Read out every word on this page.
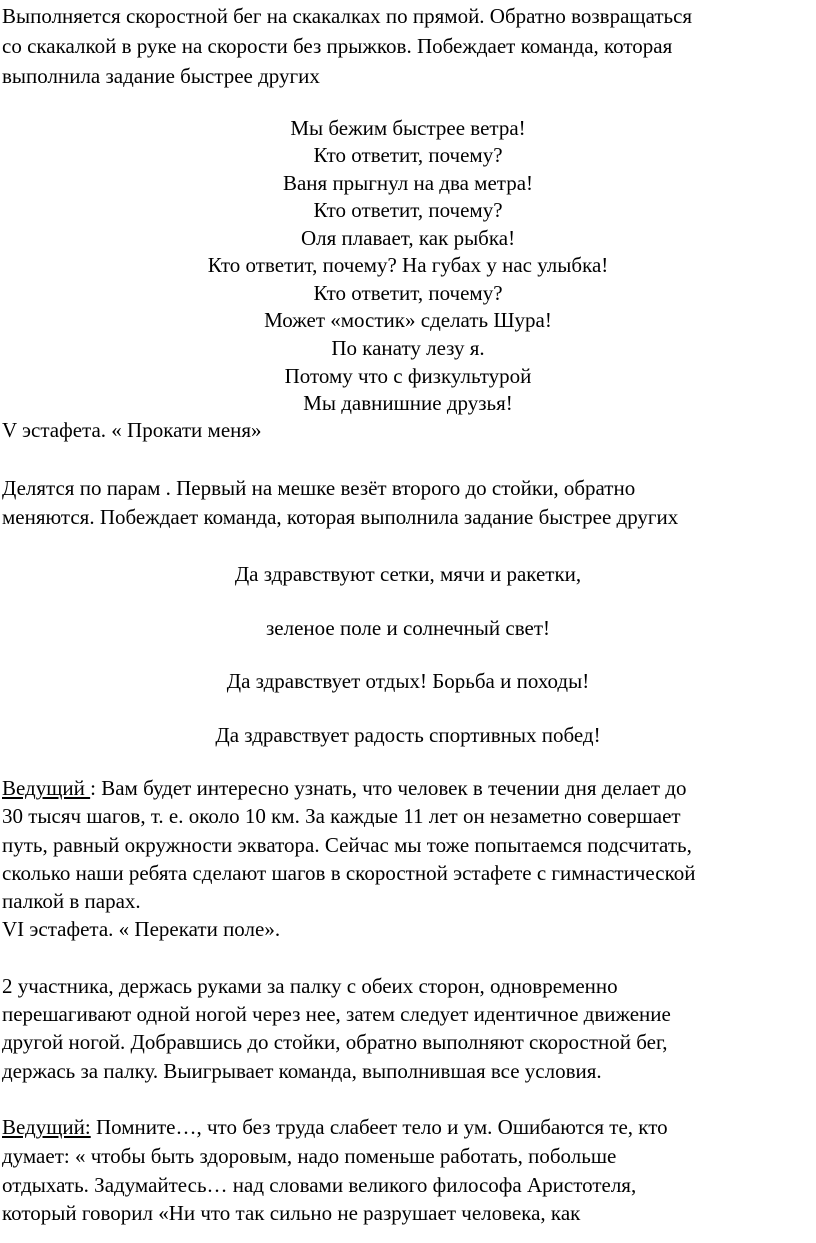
Выполняется скоростной бег на скакалках по прямой. Обратно возвращаться
со скакалкой в руке на скорости без прыжков. Побеждает команда, которая
выполнила задание быстрее других
Мы бежим быстрее ветра!
Кто ответит, почему?
Ваня прыгнул на два метра!
Кто ответит, почему?
Оля плавает, как рыбка!
Кто ответит, почему? На губах у нас улыбка!
Кто ответит, почему?
Может «мостик» сделать Шура!
По канату лезу я.
Потому что с физкультурой
Мы давнишние друзья!
V эстафета. « Прокати меня»
Делятся по парам . Первый на мешке везёт второго до стойки, обратно
меняются. Побеждает команда, которая выполнила задание быстрее других
Да здравствуют сетки, мячи и ракетки,
зеленое поле и солнечный свет!
Да здравствует отдых! Борьба и походы!
Да здравствует радость спортивных побед!
Ведущий : Вам будет интересно узнать, что человек в течении дня делает до
30 тысяч шагов, т. е. около 10 км. За каждые 11 лет он незаметно совершает
путь, равный окружности экватора. Сейчас мы тоже попытаемся подсчитать,
сколько наши ребята сделают шагов в скоростной эстафете с гимнастической
палкой в парах.
VI эстафета. « Перекати поле».
2 участника, держась руками за палку с обеих сторон, одновременно
перешагивают одной ногой через нее, затем следует идентичное движение
другой ногой. Добравшись до стойки, обратно выполняют скоростной бег,
держась за палку. Выигрывает команда, выполнившая все условия.
Ведущий: Помните…, что без труда слабеет тело и ум. Ошибаются те, кто
думает: « чтобы быть здоровым, надо поменьше работать, побольше
отдыхать. Задумайтесь… над словами великого философа Аристотеля,
который говорил «Ни что так сильно не разрушает человека, как
